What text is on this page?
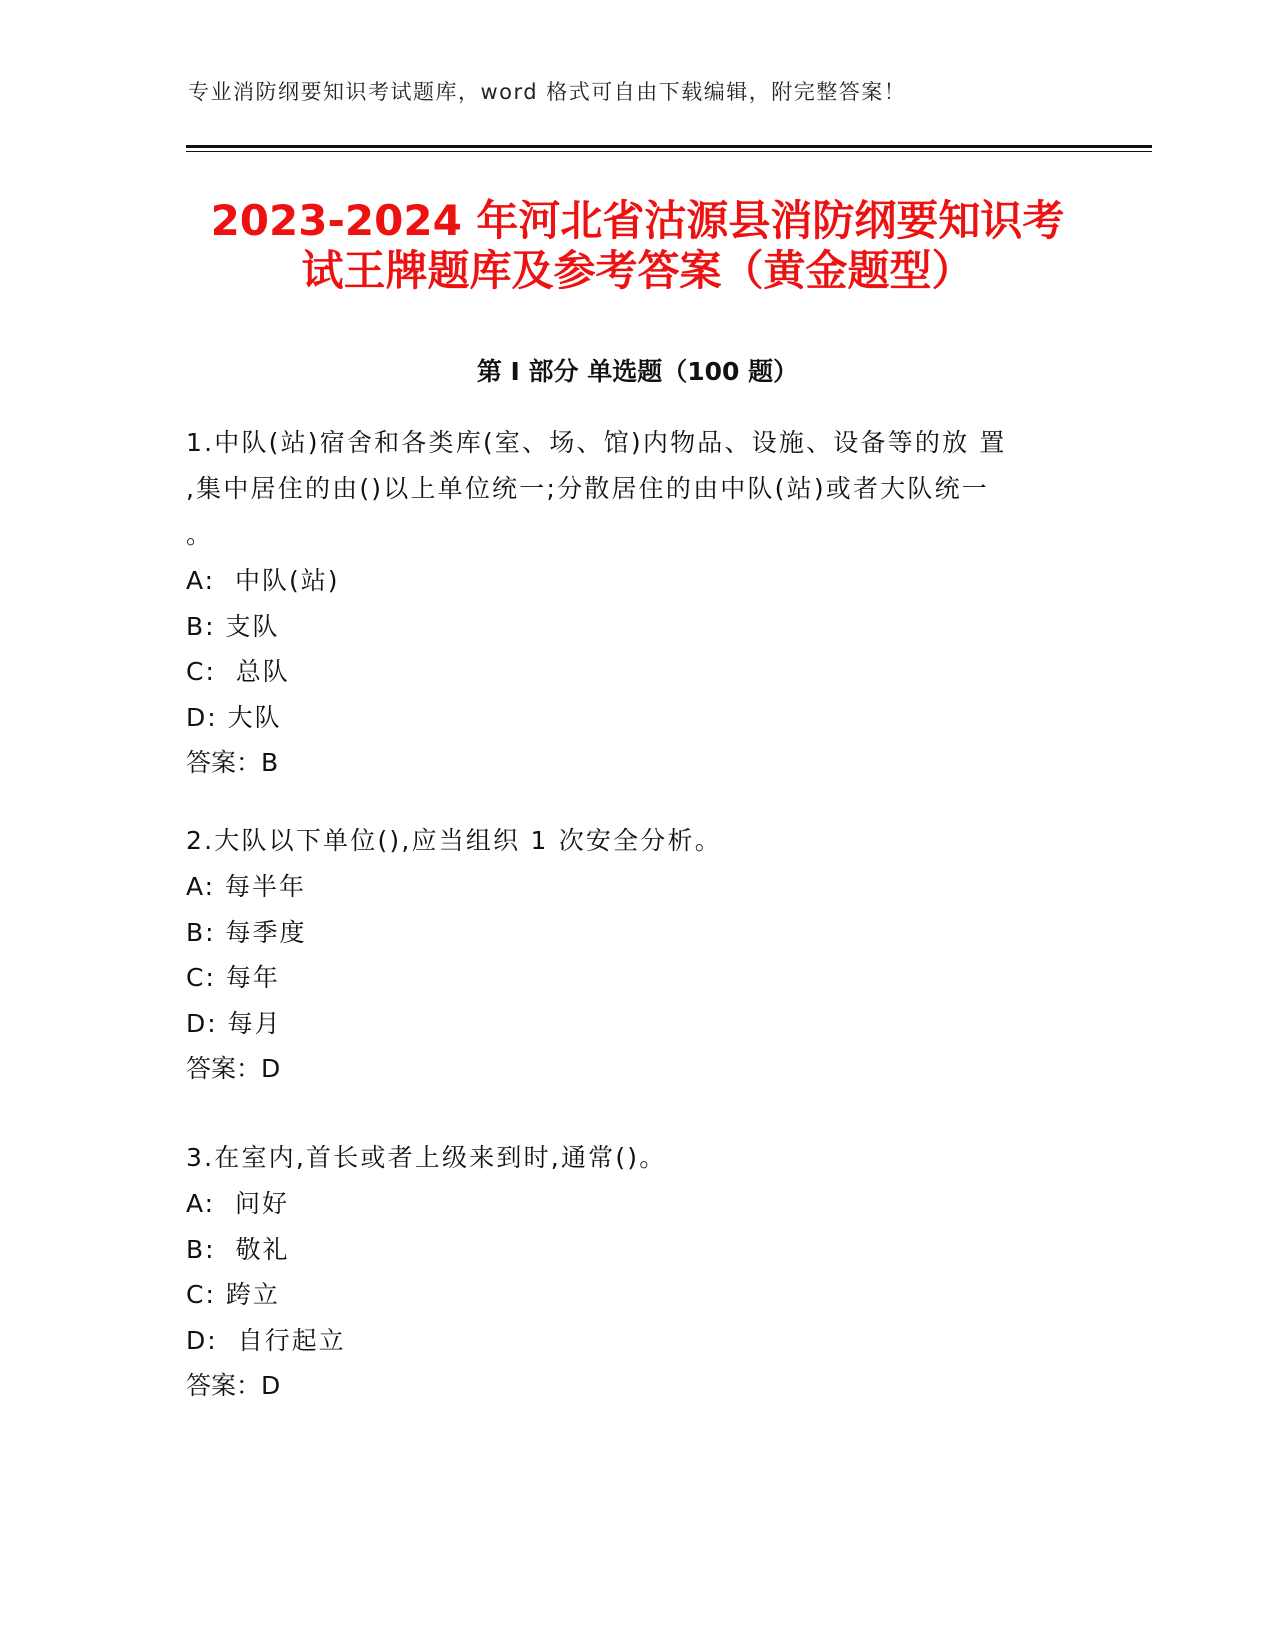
专业消防纲要知识考试题库，word 格式可自由下载编辑，附完整答案！
2023-2024 年河北省沽源县消防纲要知识考
试王牌题库及参考答案（黄金题型）
第 I 部分 单选题（100 题）

1.中队(站)宿舍和各类库(室、场、馆)内物品、设施、设备等的放 置

,集中居住的由()以上单位统一;分散居住的由中队(站)或者大队统一

。

A:  中队(站)

B: 支队

C:  总队

D: 大队

答案：B

2.大队以下单位(),应当组织 1 次安全分析。

A: 每半年

B: 每季度

C: 每年

D: 每月

答案：D

3.在室内,首长或者上级来到时,通常()。

A:  问好

B:  敬礼

C: 跨立

D:  自行起立

答案：D
